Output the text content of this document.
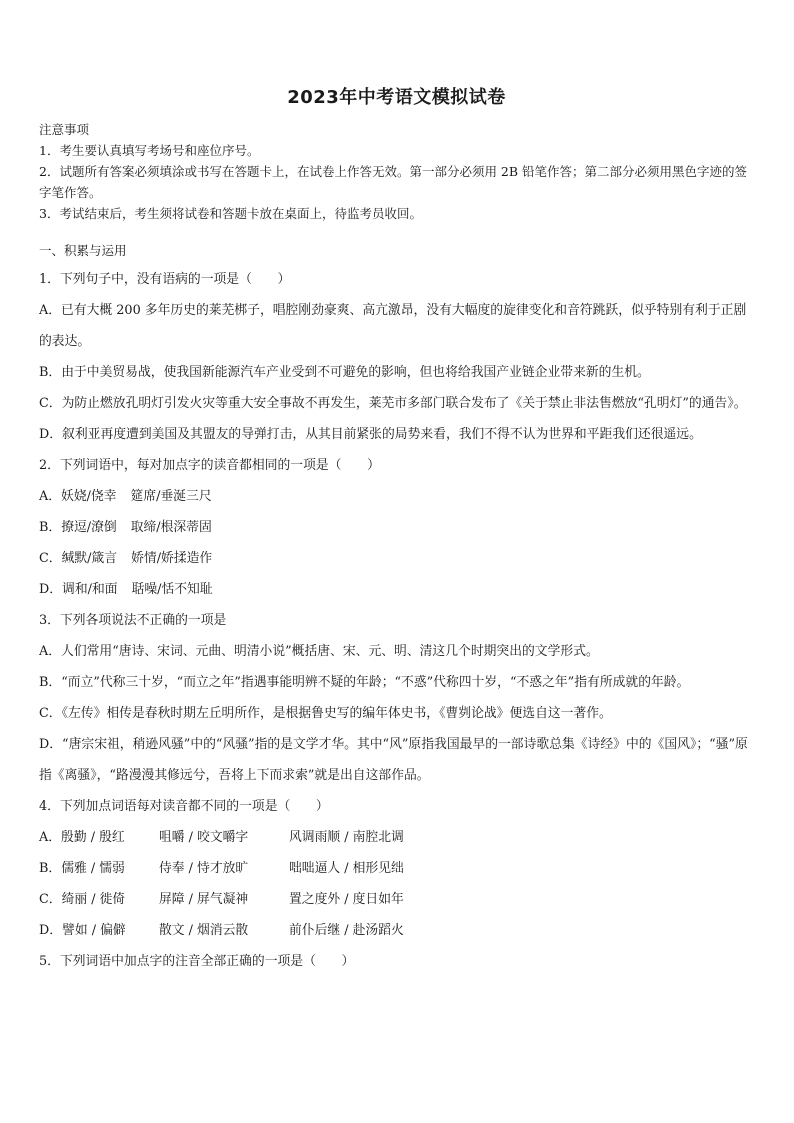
2023年中考语文模拟试卷
注意事项
1．考生要认真填写考场号和座位序号。
2．试题所有答案必须填涂或书写在答题卡上，在试卷上作答无效。第一部分必须用 2B 铅笔作答；第二部分必须用黑色字迹的签字笔作答。
3．考试结束后，考生须将试卷和答题卡放在桌面上，待监考员收回。
一、积累与运用
1．下列句子中，没有语病的一项是（　　）
A．已有大概 200 多年历史的莱芜梆子，唱腔刚劲豪爽、高亢激昂，没有大幅度的旋律变化和音符跳跃，似乎特别有利于正剧的表达。
B．由于中美贸易战，使我国新能源汽车产业受到不可避免的影响，但也将给我国产业链企业带来新的生机。
C．为防止燃放孔明灯引发火灾等重大安全事故不再发生，莱芜市多部门联合发布了《关于禁止非法售燃放“孔明灯”的通告》。
D．叙利亚再度遭到美国及其盟友的导弹打击，从其目前紧张的局势来看，我们不得不认为世界和平距我们还很遥远。
2．下列词语中，每对加点字的读音都相同的一项是（　　）
A．妖娆/侥幸 筵席/垂涎三尺
B．撩逗/潦倒 取缔/根深蒂固
C．缄默/箴言 娇情/娇揉造作
D．调和/和面 聒噪/恬不知耻
3．下列各项说法不正确的一项是
A．人们常用“唐诗、宋词、元曲、明清小说”概括唐、宋、元、明、清这几个时期突出的文学形式。
B．“而立”代称三十岁，“而立之年”指遇事能明辨不疑的年龄；“不惑”代称四十岁，“不惑之年”指有所成就的年龄。
C．《左传》相传是春秋时期左丘明所作，是根据鲁史写的编年体史书，《曹刿论战》便选自这一著作。
D．“唐宗宋祖，稍逊风骚”中的“风骚”指的是文学才华。其中“风”原指我国最早的一部诗歌总集《诗经》中的《国风》；“骚”原指《离骚》，“路漫漫其修远兮，吾将上下而求索”就是出自这部作品。
4．下列加点词语每对读音都不同的一项是（　　）
A．殷勤 / 殷红	咀嚼 / 咬文嚼字	风调雨顺 / 南腔北调
B．儒雅 / 懦弱	侍奉 / 恃才放旷	咄咄逼人 / 相形见绌
C．绮丽 / 徙倚	屏障 / 屏气凝神	置之度外 / 度日如年
D．譬如 / 偏僻	散文 / 烟消云散	前仆后继 / 赴汤蹈火
5．下列词语中加点字的注音全部正确的一项是（　　）
